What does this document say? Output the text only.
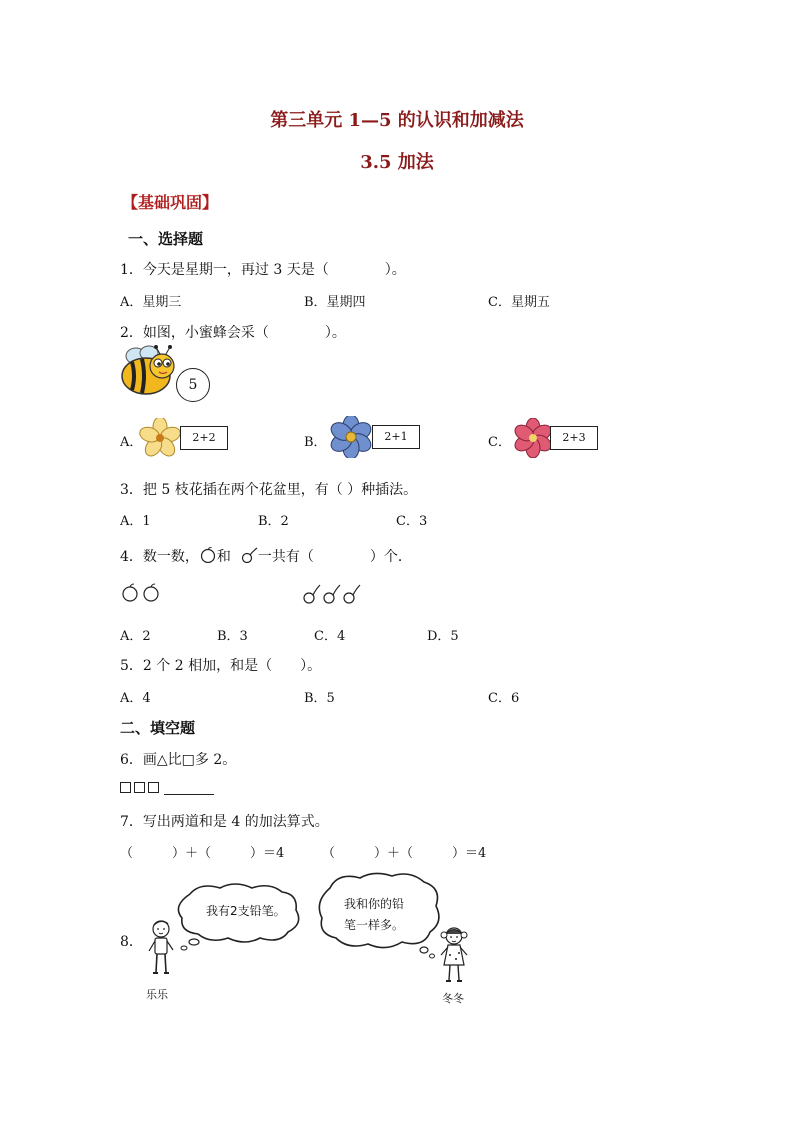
第三单元 1—5 的认识和加减法
3.5 加法
【基础巩固】
一、选择题
1．今天是星期一，再过 3 天是（　　　　）。
A．星期三	B．星期四	C．星期五
2．如图，小蜜蜂会采（　　　　）。
5
A．	2+2	B．	2+1	C．	2+3
3．把 5 枝花插在两个花盆里，有（ ）种插法。
A．1	B．2	C．3
4．数一数， 和 一共有（　　　　）个．
A．2	B．3	C．4	D．5
5．2 个 2 相加，和是（　　）。
A．4	B．5	C．6
二、填空题
6．画△比□多 2。
7．写出两道和是 4 的加法算式。
（　　　）＋（　　　）＝4	（　　　）＋（　　　）＝4
8．
我有2支铅笔。	我和你的铅
笔一样多。
乐乐	冬冬
